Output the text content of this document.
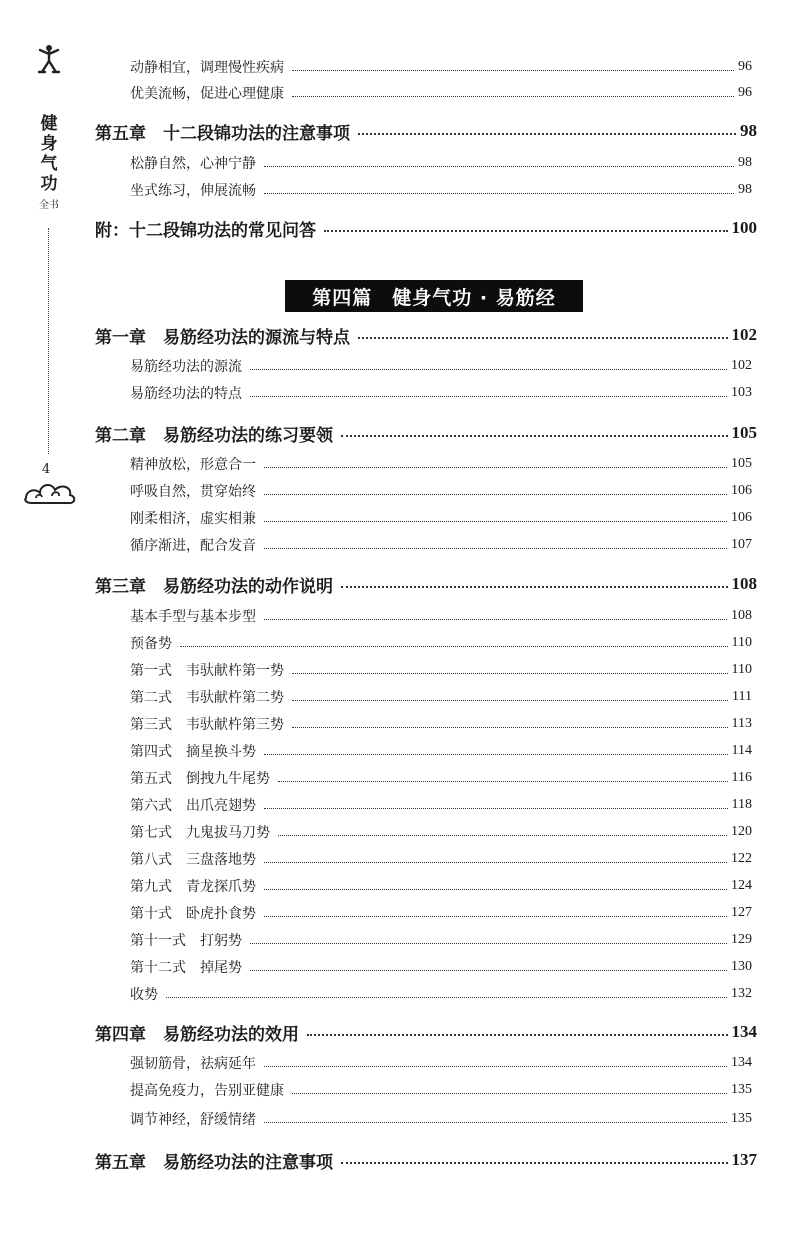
健身气功
全书
4
动静相宜，调理慢性疾病	96
优美流畅，促进心理健康	96
第五章　十二段锦功法的注意事项	98
松静自然，心神宁静	98
坐式练习，伸展流畅	98
附：十二段锦功法的常见问答	100
第一章　易筋经功法的源流与特点	102
易筋经功法的源流	102
易筋经功法的特点	103
第二章　易筋经功法的练习要领	105
精神放松，形意合一	105
呼吸自然，贯穿始终	106
刚柔相济，虚实相兼	106
循序渐进，配合发音	107
第三章　易筋经功法的动作说明	108
基本手型与基本步型	108
预备势	110
第一式　韦驮献杵第一势	110
第二式　韦驮献杵第二势	111
第三式　韦驮献杵第三势	113
第四式　摘星换斗势	114
第五式　倒拽九牛尾势	116
第六式　出爪亮翅势	118
第七式　九鬼拔马刀势	120
第八式　三盘落地势	122
第九式　青龙探爪势	124
第十式　卧虎扑食势	127
第十一式　打躬势	129
第十二式　掉尾势	130
收势	132
第四章　易筋经功法的效用	134
强韧筋骨，祛病延年	134
提高免疫力，告别亚健康	135
调节神经，舒缓情绪	135
第五章　易筋经功法的注意事项	137
第四篇　健身气功 · 易筋经
